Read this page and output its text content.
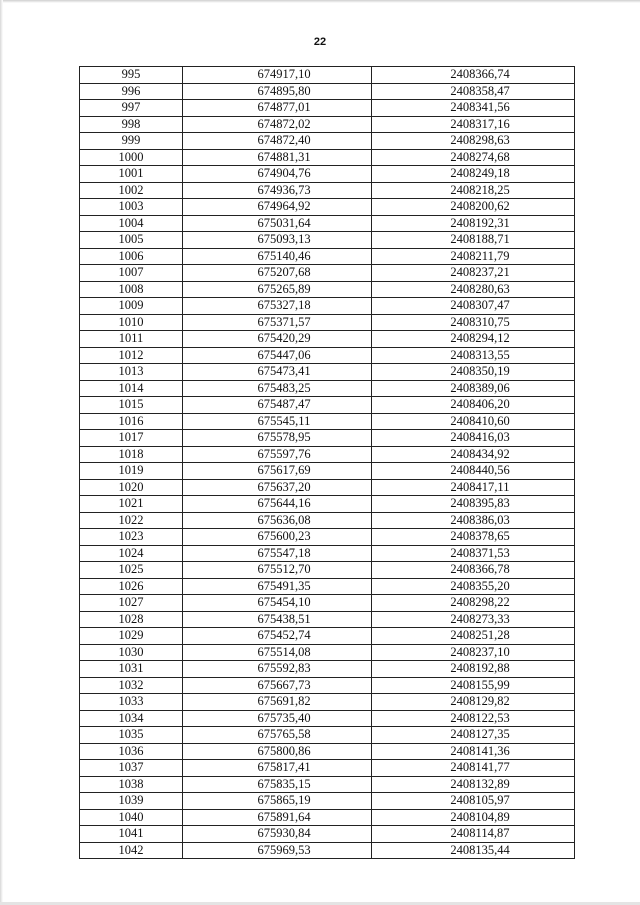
22
995	674917,10	2408366,74
996	674895,80	2408358,47
997	674877,01	2408341,56
998	674872,02	2408317,16
999	674872,40	2408298,63
1000	674881,31	2408274,68
1001	674904,76	2408249,18
1002	674936,73	2408218,25
1003	674964,92	2408200,62
1004	675031,64	2408192,31
1005	675093,13	2408188,71
1006	675140,46	2408211,79
1007	675207,68	2408237,21
1008	675265,89	2408280,63
1009	675327,18	2408307,47
1010	675371,57	2408310,75
1011	675420,29	2408294,12
1012	675447,06	2408313,55
1013	675473,41	2408350,19
1014	675483,25	2408389,06
1015	675487,47	2408406,20
1016	675545,11	2408410,60
1017	675578,95	2408416,03
1018	675597,76	2408434,92
1019	675617,69	2408440,56
1020	675637,20	2408417,11
1021	675644,16	2408395,83
1022	675636,08	2408386,03
1023	675600,23	2408378,65
1024	675547,18	2408371,53
1025	675512,70	2408366,78
1026	675491,35	2408355,20
1027	675454,10	2408298,22
1028	675438,51	2408273,33
1029	675452,74	2408251,28
1030	675514,08	2408237,10
1031	675592,83	2408192,88
1032	675667,73	2408155,99
1033	675691,82	2408129,82
1034	675735,40	2408122,53
1035	675765,58	2408127,35
1036	675800,86	2408141,36
1037	675817,41	2408141,77
1038	675835,15	2408132,89
1039	675865,19	2408105,97
1040	675891,64	2408104,89
1041	675930,84	2408114,87
1042	675969,53	2408135,44
